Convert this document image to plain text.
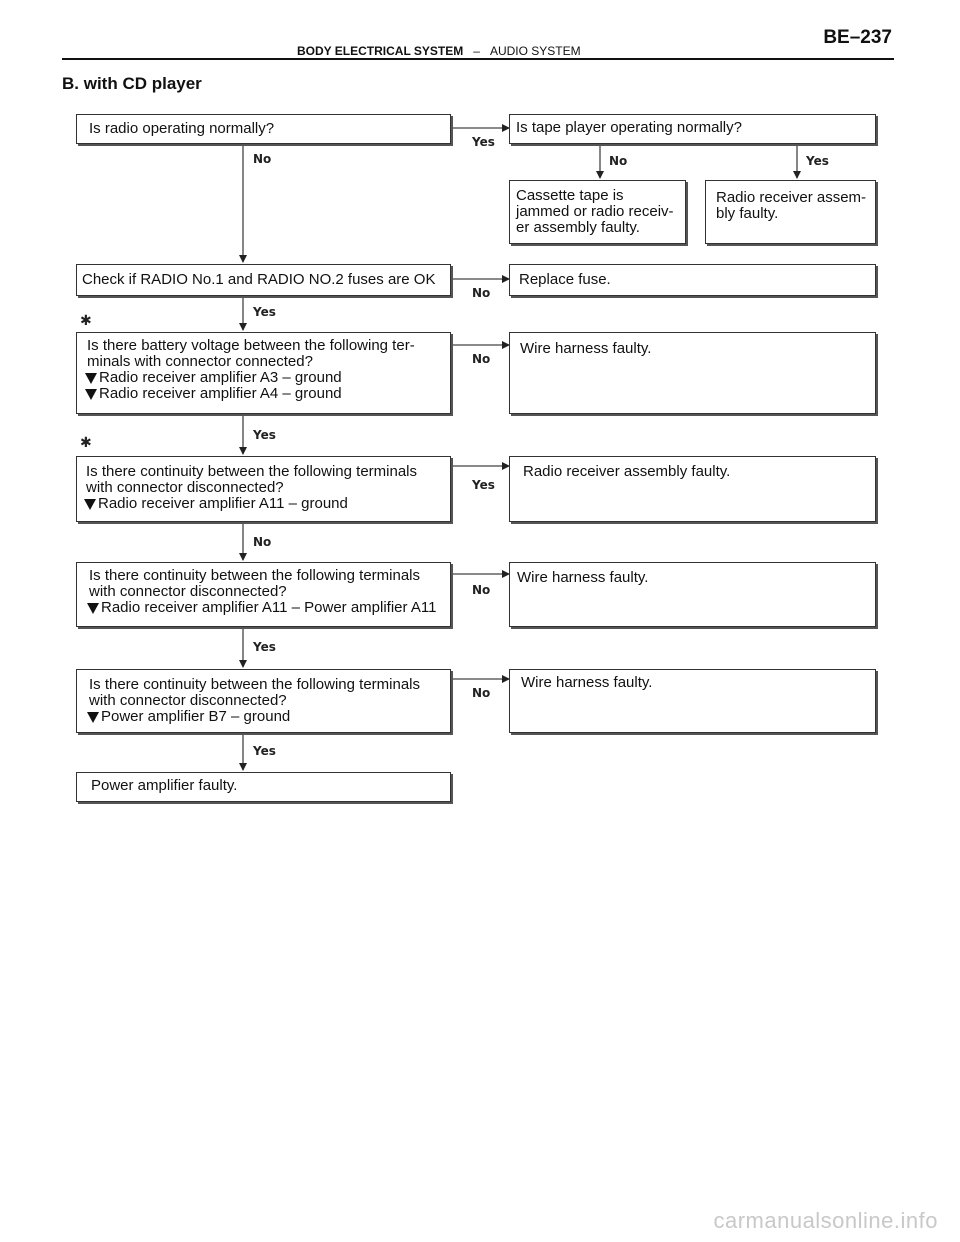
BE–237
BODY ELECTRICAL SYSTEM – AUDIO SYSTEM
B. with CD player
Yes
No	No	Yes
No
Yes
No
Yes
Yes
No
No
Yes
No
Yes
✱
✱
Is radio operating normally?	Is tape player operating normally?
Cassette tape is
jammed or radio receiv-
er assembly faulty.
Radio receiver assem-
bly faulty.
Check if RADIO No.1 and RADIO NO.2 fuses are OK	Replace fuse.
Is there battery voltage between the following ter-
minals with connector connected?
Radio receiver amplifier A3 – ground
Radio receiver amplifier A4 – ground
Wire harness faulty.
Is there continuity between the following terminals
with connector disconnected?
Radio receiver amplifier A11 – ground
Radio receiver assembly faulty.
Is there continuity between the following terminals
with connector disconnected?
Radio receiver amplifier A11 – Power amplifier A11
Wire harness faulty.
Is there continuity between the following terminals
with connector disconnected?
Power amplifier B7 – ground
Wire harness faulty.
Power amplifier faulty.
carmanualsonline.info
